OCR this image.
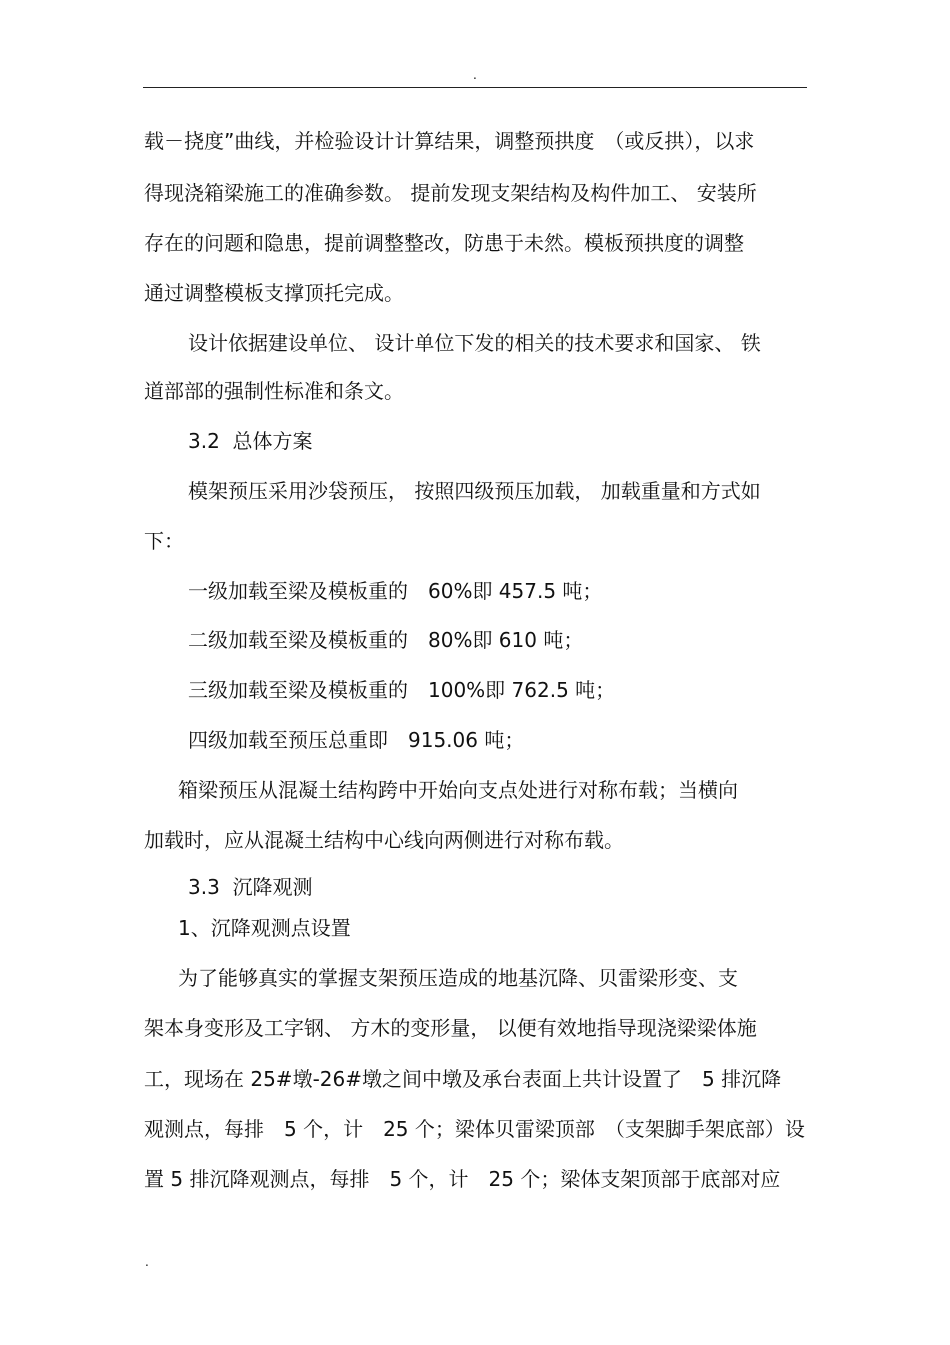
.
载－挠度”曲线，并检验设计计算结果，调整预拱度　（或反拱），以求
得现浇箱梁施工的准确参数。 提前发现支架结构及构件加工、 安装所
存在的问题和隐患，提前调整整改，防患于未然。模板预拱度的调整
通过调整模板支撑顶托完成。
设计依据建设单位、 设计单位下发的相关的技术要求和国家、 铁
道部部的强制性标准和条文。
3.2  总体方案
模架预压采用沙袋预压， 按照四级预压加载， 加载重量和方式如
下：
一级加载至梁及模板重的　60%即 457.5 吨；
二级加载至梁及模板重的　80%即 610 吨；
三级加载至梁及模板重的　100%即 762.5 吨；
四级加载至预压总重即　915.06 吨；
箱梁预压从混凝土结构跨中开始向支点处进行对称布载；当横向
加载时，应从混凝土结构中心线向两侧进行对称布载。
3.3  沉降观测
1、沉降观测点设置
为了能够真实的掌握支架预压造成的地基沉降、贝雷梁形变、支
架本身变形及工字钢、 方木的变形量， 以便有效地指导现浇梁梁体施
工，现场在 25#墩-26#墩之间中墩及承台表面上共计设置了　5 排沉降
观测点，每排　5 个，计　25 个；梁体贝雷梁顶部　（支架脚手架底部）设
置 5 排沉降观测点，每排　5 个，计　25 个；梁体支架顶部于底部对应
.
